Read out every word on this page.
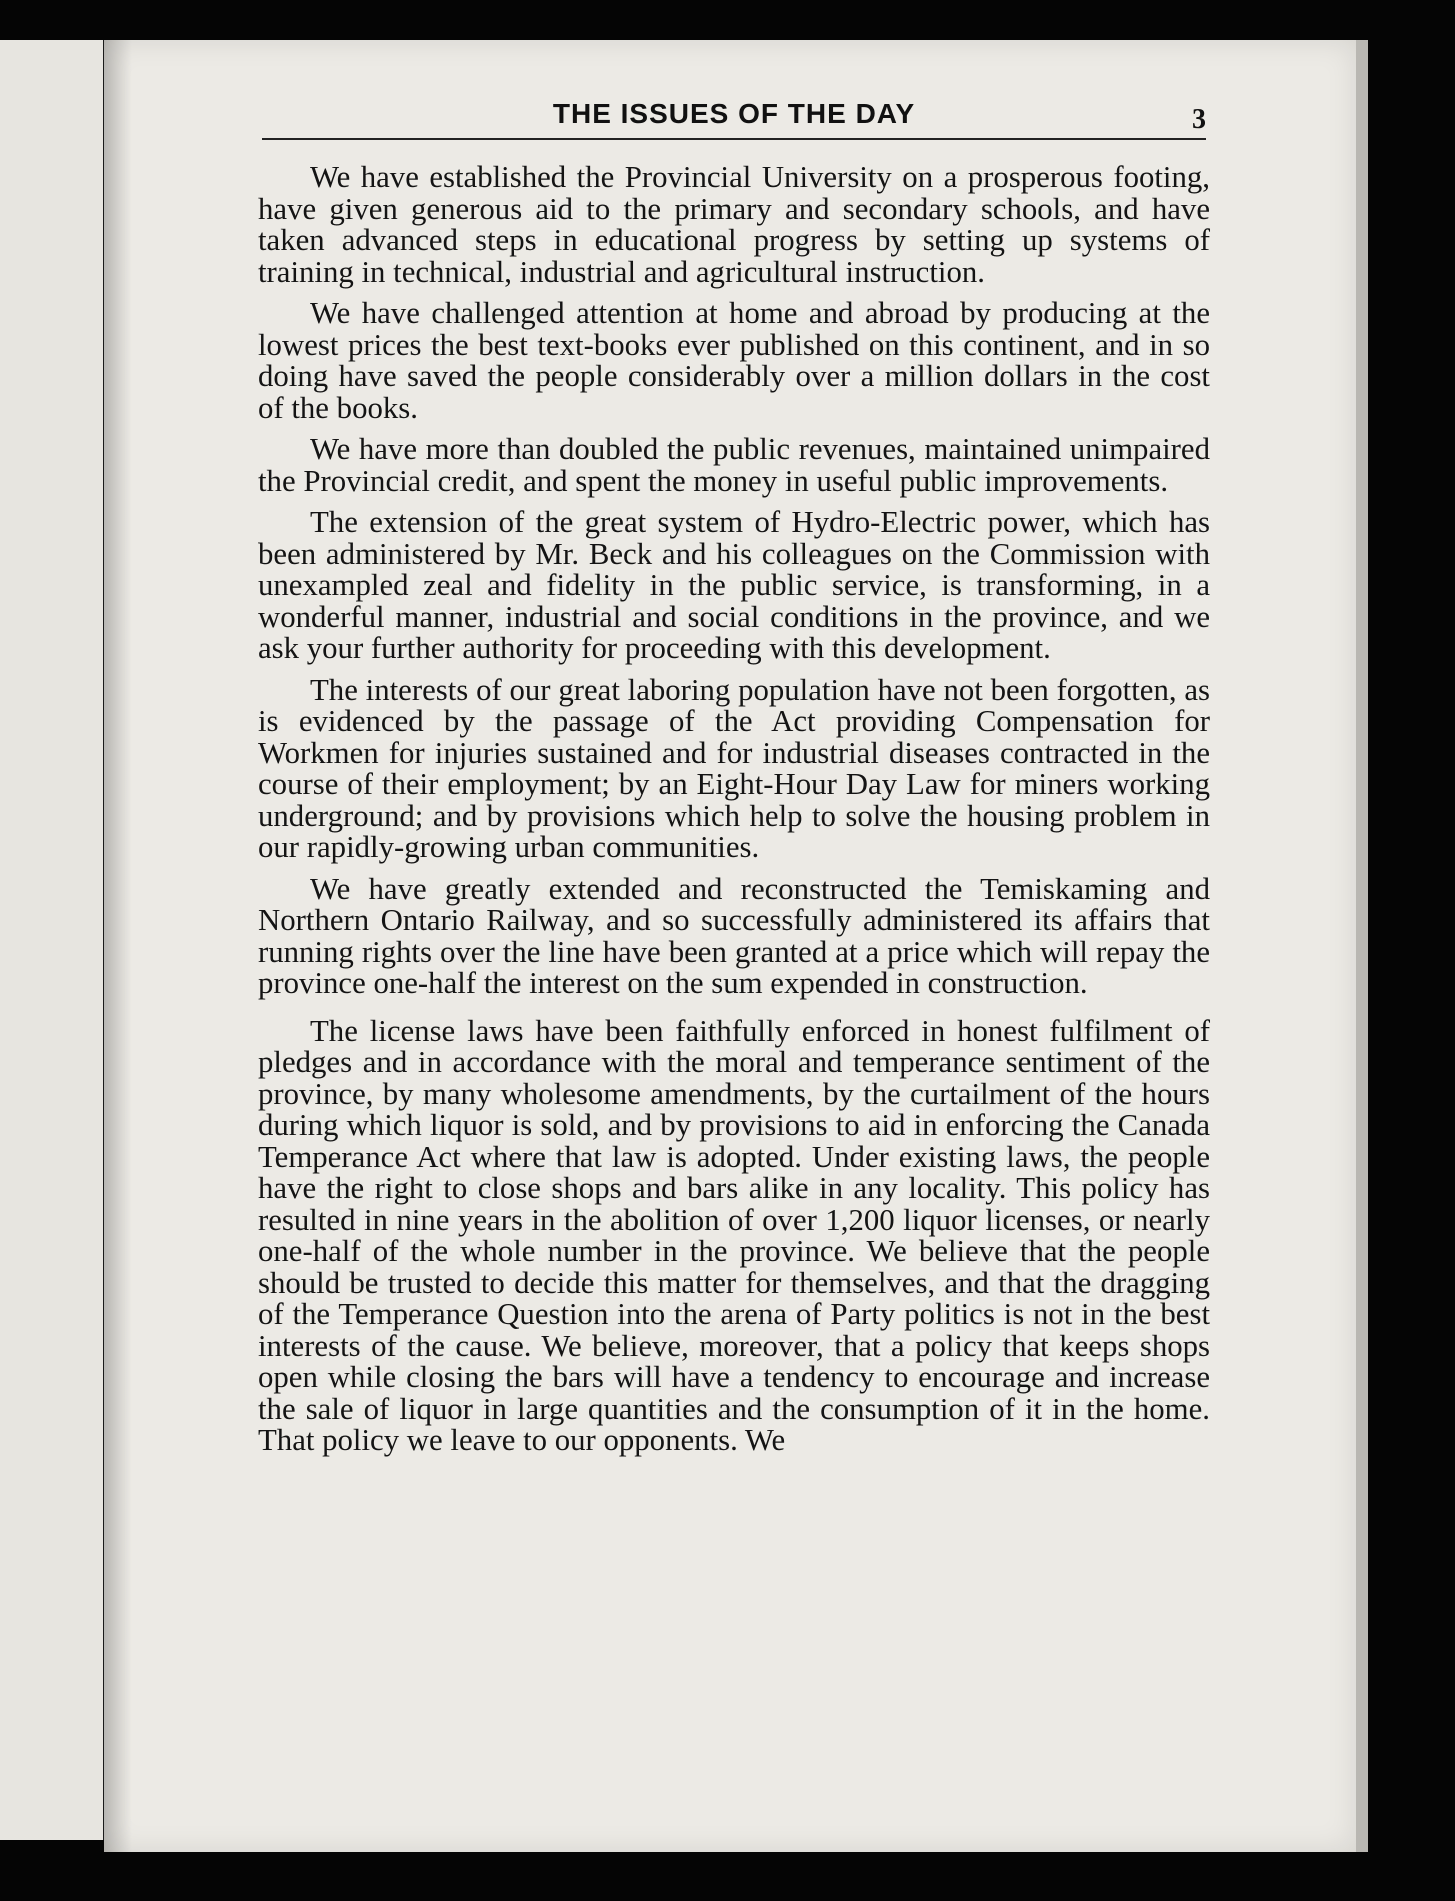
THE ISSUES OF THE DAY	3

We have established the Provincial University on a prosperous footing, have given generous aid to the primary and secondary schools, and have taken advanced steps in educational progress by setting up systems of training in technical, industrial and agricultural instruction.

We have challenged attention at home and abroad by producing at the lowest prices the best text-books ever published on this continent, and in so doing have saved the people considerably over a million dollars in the cost of the books.

We have more than doubled the public revenues, maintained unimpaired the Provincial credit, and spent the money in useful public improvements.

The extension of the great system of Hydro-Electric power, which has been administered by Mr. Beck and his colleagues on the Commission with unexampled zeal and fidelity in the public service, is transforming, in a wonderful manner, industrial and social conditions in the province, and we ask your further authority for proceeding with this development.

The interests of our great laboring population have not been forgotten, as is evidenced by the passage of the Act providing Compensation for Workmen for injuries sustained and for industrial diseases contracted in the course of their employment; by an Eight-Hour Day Law for miners working underground; and by provisions which help to solve the housing problem in our rapidly-growing urban communities.

We have greatly extended and reconstructed the Temiskaming and Northern Ontario Railway, and so successfully administered its affairs that running rights over the line have been granted at a price which will repay the province one-half the interest on the sum expended in construction.

The license laws have been faithfully enforced in honest fulfilment of pledges and in accordance with the moral and temperance sentiment of the province, by many wholesome amendments, by the curtailment of the hours during which liquor is sold, and by provisions to aid in enforcing the Canada Temperance Act where that law is adopted. Under existing laws, the people have the right to close shops and bars alike in any locality. This policy has resulted in nine years in the abolition of over 1,200 liquor licenses, or nearly one-half of the whole number in the province. We believe that the people should be trusted to decide this matter for themselves, and that the dragging of the Temperance Question into the arena of Party politics is not in the best interests of the cause. We believe, moreover, that a policy that keeps shops open while closing the bars will have a tendency to encourage and increase the sale of liquor in large quantities and the consumption of it in the home. That policy we leave to our opponents. We
